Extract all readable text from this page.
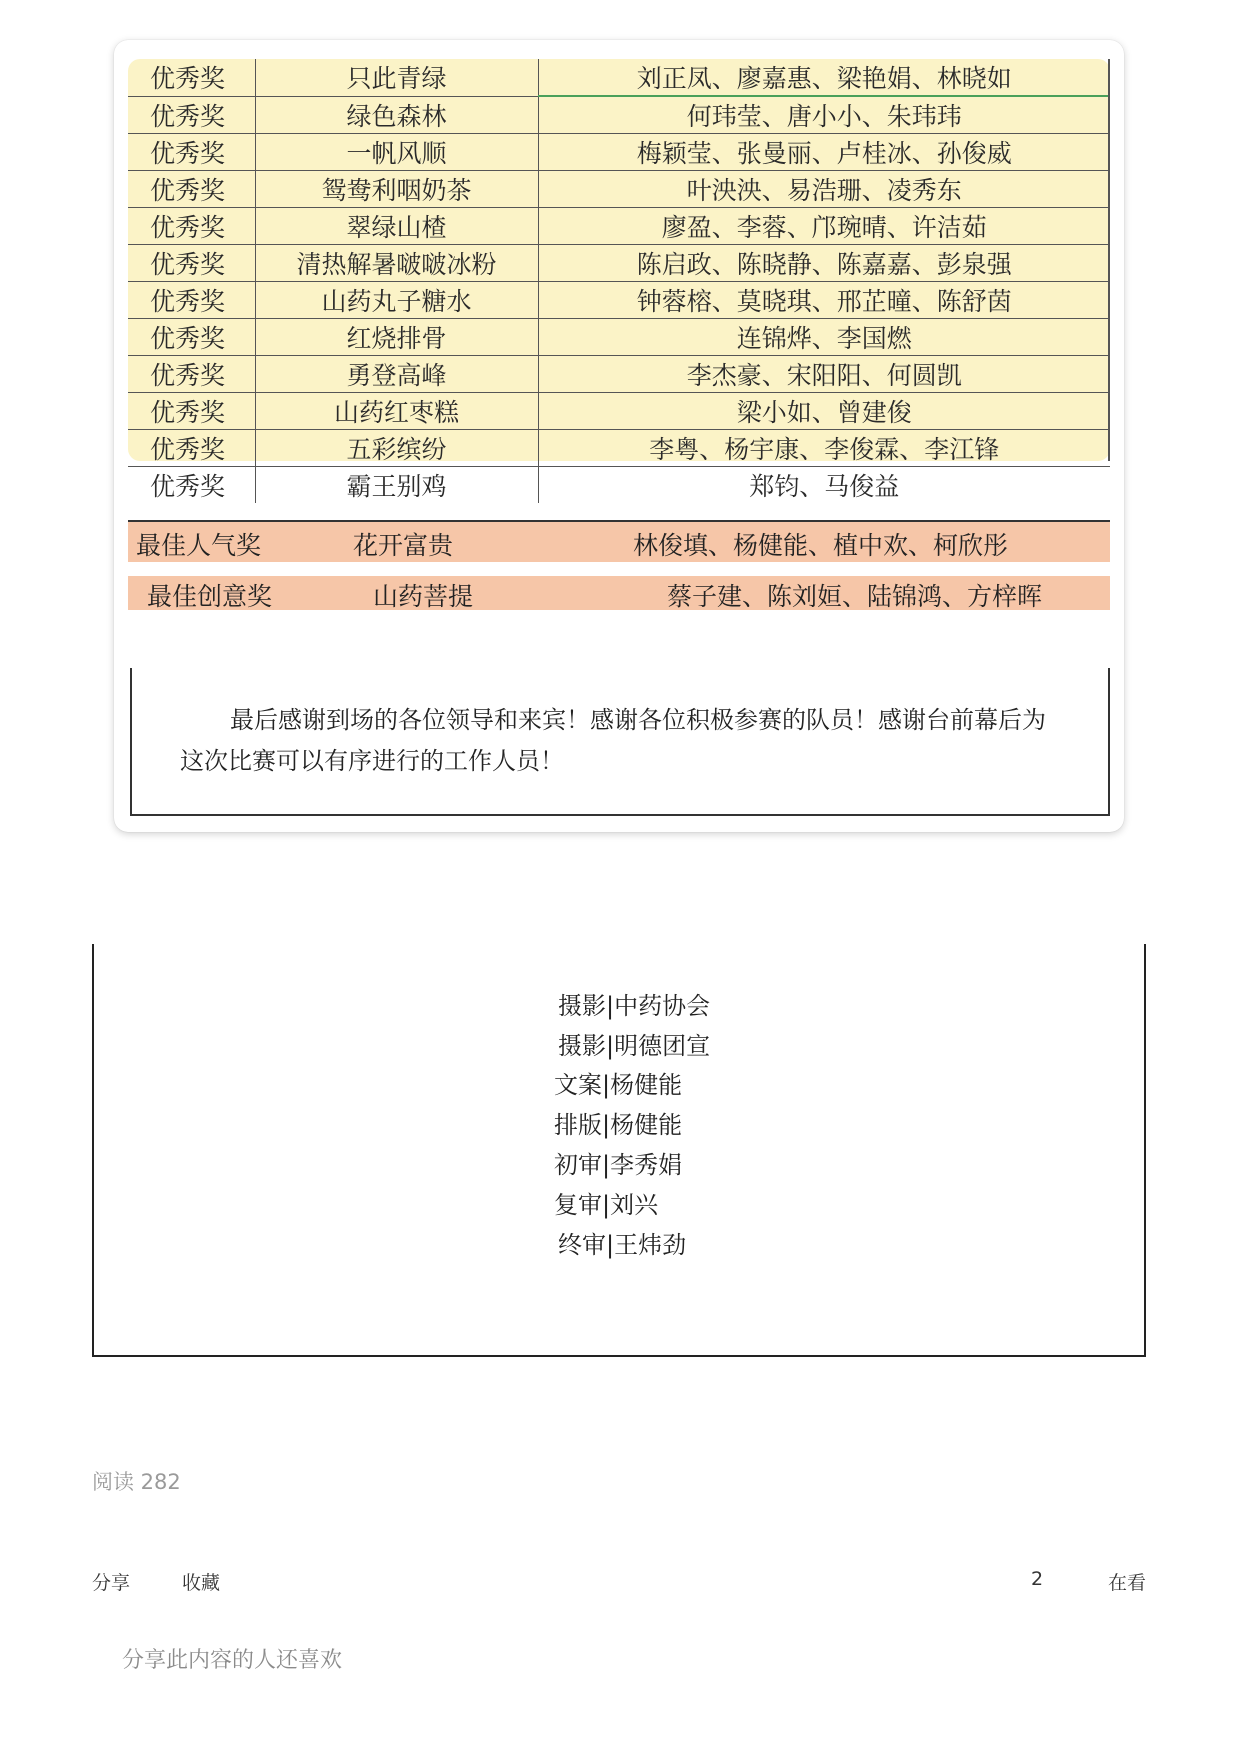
优秀奖	只此青绿	刘正凤、廖嘉惠、梁艳娟、林晓如
优秀奖	绿色森林	何玮莹、唐小小、朱玮玮
优秀奖	一帆风顺	梅颖莹、张曼丽、卢桂冰、孙俊威
优秀奖	鸳鸯利咽奶茶	叶泱泱、易浩珊、凌秀东
优秀奖	翠绿山楂	廖盈、李蓉、邝琬晴、许洁茹
优秀奖	清热解暑啵啵冰粉	陈启政、陈晓静、陈嘉嘉、彭泉强
优秀奖	山药丸子糖水	钟蓉榕、莫晓琪、邢芷曈、陈舒茵
优秀奖	红烧排骨	连锦烨、李国燃
优秀奖	勇登高峰	李杰豪、宋阳阳、何圆凯
优秀奖	山药红枣糕	梁小如、曾建俊
优秀奖	五彩缤纷	李粤、杨宇康、李俊霖、李江锋
优秀奖	霸王别鸡	郑钧、马俊益
最佳人气奖	花开富贵	林俊填、杨健能、植中欢、柯欣彤
最佳创意奖	山药菩提	蔡子建、陈刘姮、陆锦鸿、方梓晖

最后感谢到场的各位领导和来宾！感谢各位积极参赛的队员！感谢台前幕后为这次比赛可以有序进行的工作人员！

摄影|中药协会
摄影|明德团宣
文案|杨健能
排版|杨健能
初审|李秀娟
复审|刘兴
终审|王炜劲
阅读 282
分享	收藏	2	在看
分享此内容的人还喜欢
